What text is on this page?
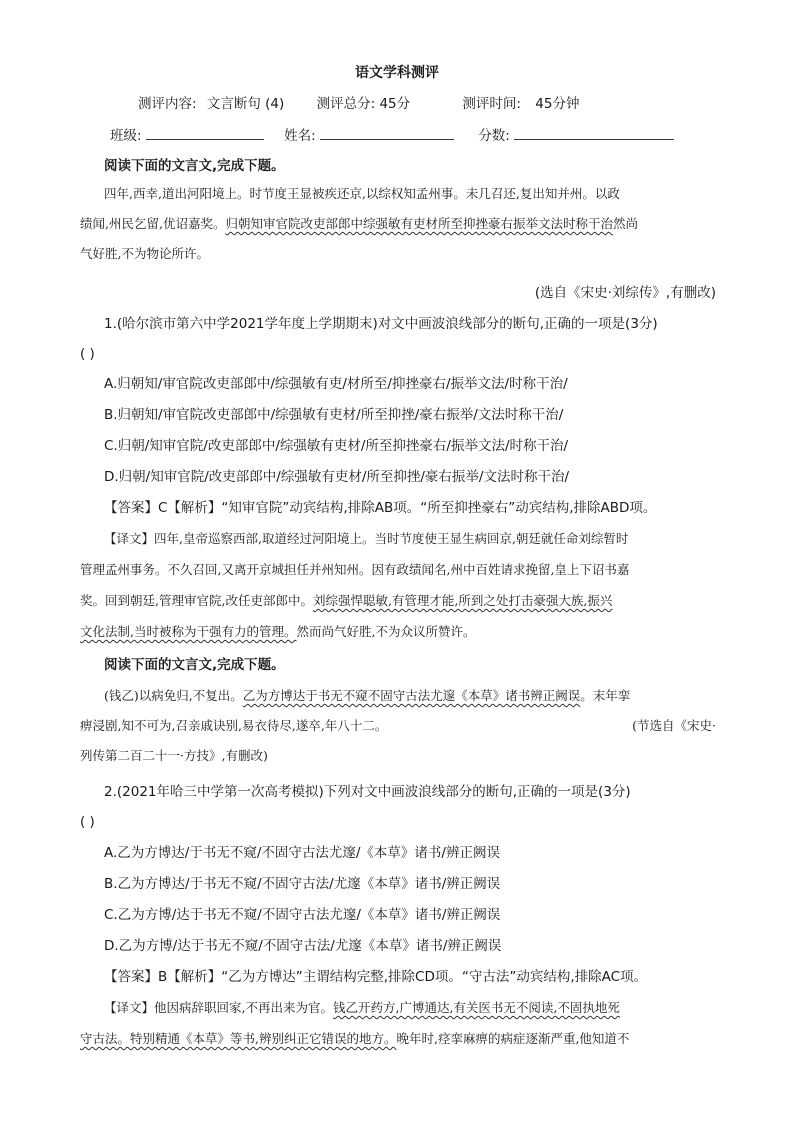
语文学科测评
测评内容: 文言断句 (4) 测评总分: 45分	测评时间: 45分钟
班级:	姓名:	分数:
阅读下面的文言文,完成下题。
四年,西幸,道出河阳境上。时节度王显被疾还京,以综权知孟州事。未几召还,复出知并州。以政
绩闻,州民乞留,优诏嘉奖。归朝知审官院改吏部郎中综强敏有吏材所至抑挫豪右振举文法时称干治然尚
气好胜,不为物论所许。
(选自《宋史·刘综传》,有删改)
1.(哈尔滨市第六中学2021学年度上学期期末)对文中画波浪线部分的断句,正确的一项是(3分)
( )
A.归朝知/审官院改吏部郎中/综强敏有吏/材所至/抑挫豪右/振举文法/时称干治/
B.归朝知/审官院改吏部郎中/综强敏有吏材/所至抑挫/豪右振举/文法时称干治/
C.归朝/知审官院/改吏部郎中/综强敏有吏材/所至抑挫豪右/振举文法/时称干治/
D.归朝/知审官院/改吏部郎中/综强敏有吏材/所至抑挫/豪右振举/文法时称干治/
【答案】C【解析】“知审官院”动宾结构,排除AB项。“所至抑挫豪右”动宾结构,排除ABD项。
【译文】四年,皇帝巡察西部,取道经过河阳境上。当时节度使王显生病回京,朝廷就任命刘综暂时
管理孟州事务。不久召回,又离开京城担任并州知州。因有政绩闻名,州中百姓请求挽留,皇上下诏书嘉
奖。回到朝廷,管理审官院,改任吏部郎中。刘综强悍聪敏,有管理才能,所到之处打击豪强大族,振兴
文化法制,当时被称为干强有力的管理。然而尚气好胜,不为众议所赞许。
阅读下面的文言文,完成下题。
(钱乙)以病免归,不复出。乙为方博达于书无不窥不固守古法尤邃《本草》诸书辨正阙误。末年挛
痹浸剧,知不可为,召亲戚诀别,易衣待尽,遂卒,年八十二。	(节选自《宋史·
列传第二百二十一·方技》,有删改)
2.(2021年哈三中学第一次高考模拟)下列对文中画波浪线部分的断句,正确的一项是(3分)
( )
A.乙为方博达/于书无不窥/不固守古法尤邃/《本草》诸书/辨正阙误
B.乙为方博达/于书无不窥/不固守古法/尤邃《本草》诸书/辨正阙误
C.乙为方博/达于书无不窥/不固守古法尤邃/《本草》诸书/辨正阙误
D.乙为方博/达于书无不窥/不固守古法/尤邃《本草》诸书/辨正阙误
【答案】B【解析】“乙为方博达”主谓结构完整,排除CD项。“守古法”动宾结构,排除AC项。
【译文】他因病辞职回家,不再出来为官。钱乙开药方,广博通达,有关医书无不阅读,不固执地死
守古法。特别精通《本草》等书,辨别纠正它错误的地方。晚年时,痉挛麻痹的病症逐渐严重,他知道不
